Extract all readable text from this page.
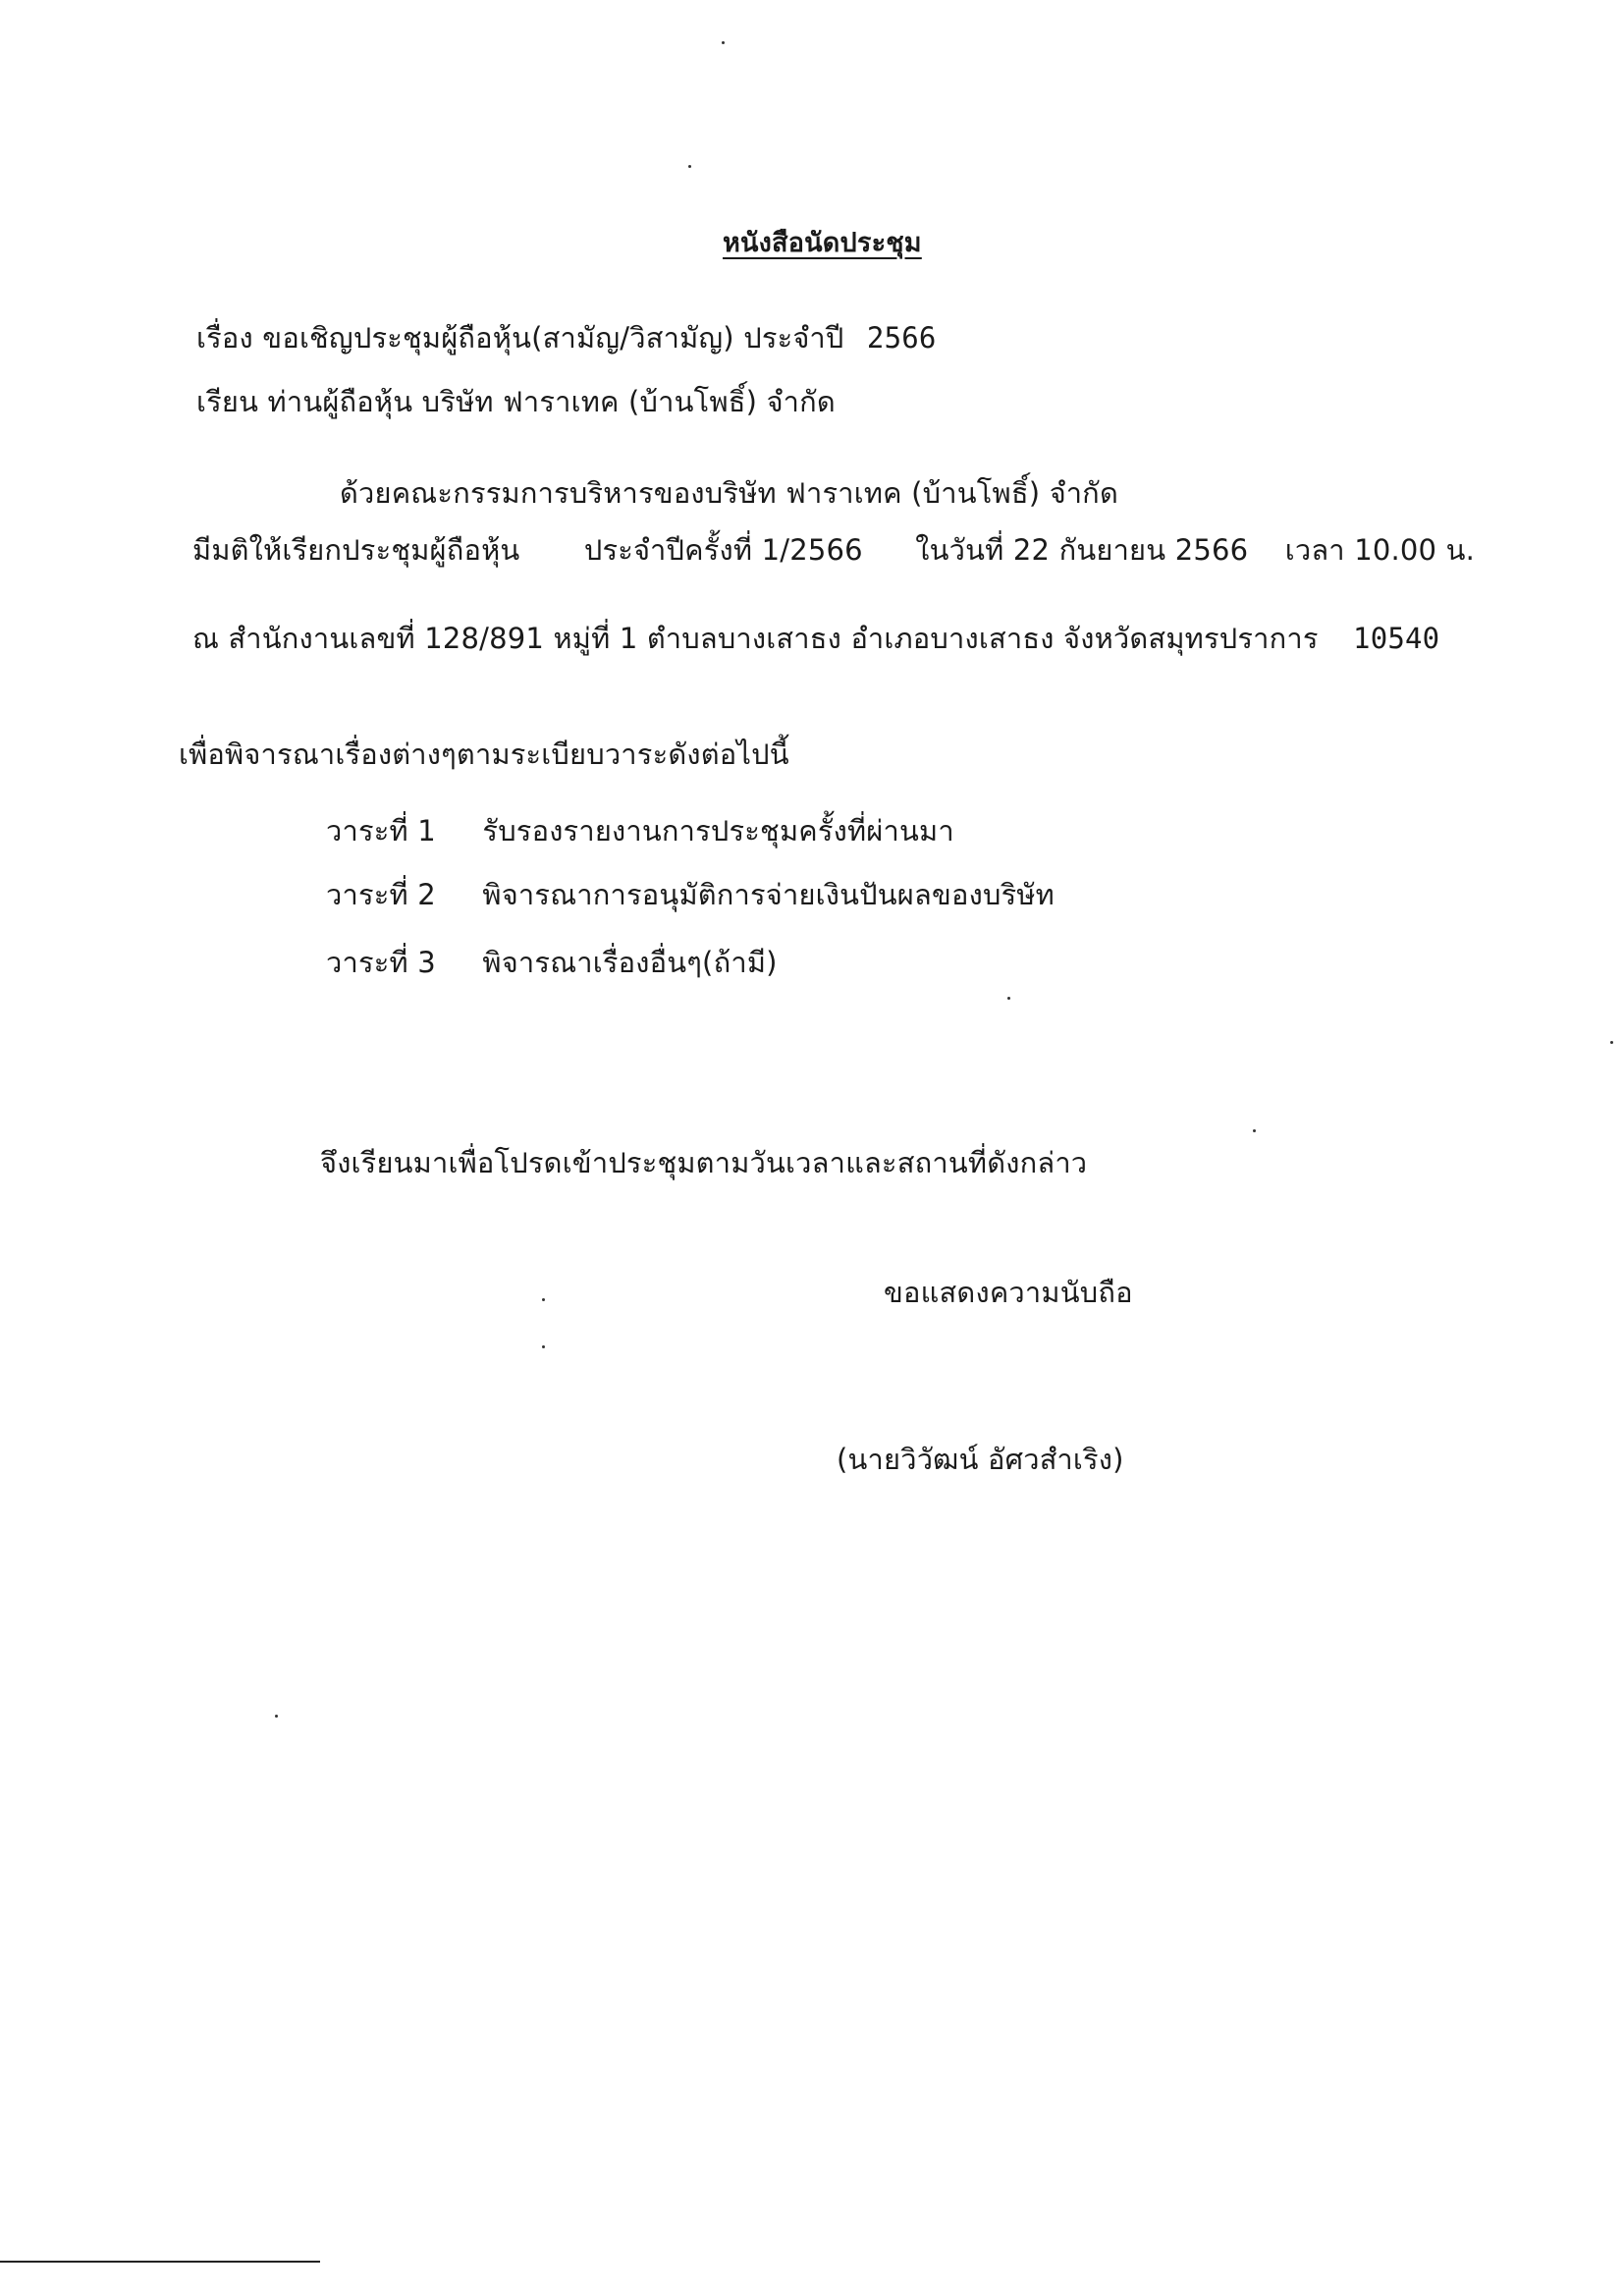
หนังสือนัดประชุม
เรื่อง ขอเชิญประชุมผู้ถือหุ้น(สามัญ/วิสามัญ) ประจำปี 2566
เรียน ท่านผู้ถือหุ้น บริษัท ฟาราเทค (บ้านโพธิ์) จำกัด
ด้วยคณะกรรมการบริหารของบริษัท ฟาราเทค (บ้านโพธิ์) จำกัด
มีมติให้เรียกประชุมผู้ถือหุ้น ประจำปีครั้งที่ 1/2566 ในวันที่ 22 กันยายน 2566 เวลา 10.00 น.
ณ สำนักงานเลขที่ 128/891 หมู่ที่ 1 ตำบลบางเสาธง อำเภอบางเสาธง จังหวัดสมุทรปราการ 10540
เพื่อพิจารณาเรื่องต่างๆตามระเบียบวาระดังต่อไปนี้
วาระที่ 1 รับรองรายงานการประชุมครั้งที่ผ่านมา
วาระที่ 2 พิจารณาการอนุมัติการจ่ายเงินปันผลของบริษัท
วาระที่ 3 พิจารณาเรื่องอื่นๆ(ถ้ามี)
จึงเรียนมาเพื่อโปรดเข้าประชุมตามวันเวลาและสถานที่ดังกล่าว
ขอแสดงความนับถือ
(นายวิวัฒน์ อัศวสำเริง)
